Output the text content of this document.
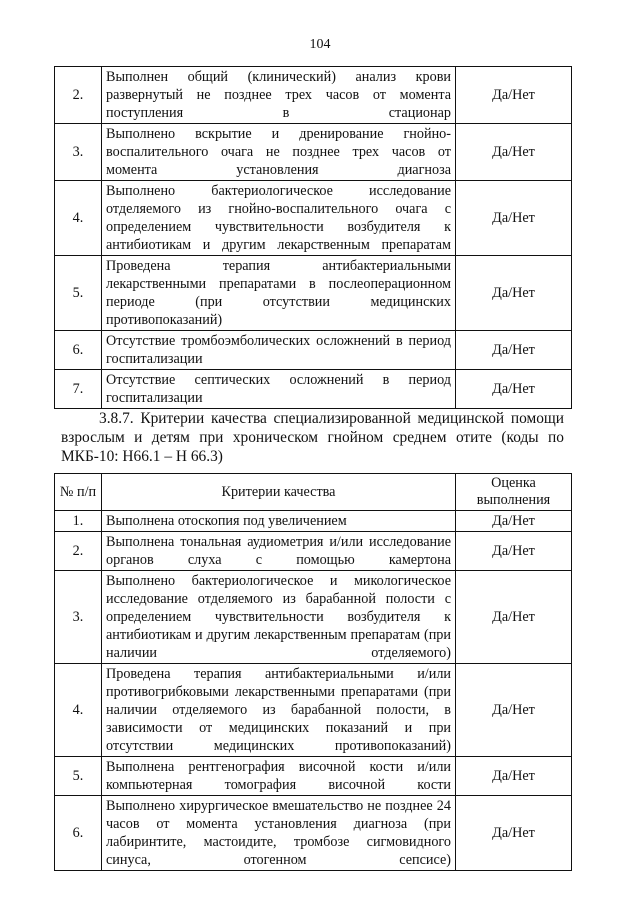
104
2.	Выполнен общий (клинический) анализ крови развернутый не позднее трех часов от момента поступления в стационар	Да/Нет
3.	Выполнено вскрытие и дренирование гнойно-воспалительного очага не позднее трех часов от момента установления диагноза	Да/Нет
4.	Выполнено бактериологическое исследование отделяемого из гнойно-воспалительного очага с определением чувствительности возбудителя к антибиотикам и другим лекарственным препаратам	Да/Нет
5.	Проведена терапия антибактериальными лекарственными препаратами в послеоперационном периоде (при отсутствии медицинских противопоказаний)	Да/Нет
6.	Отсутствие тромбоэмболических осложнений в период госпитализации	Да/Нет
7.	Отсутствие септических осложнений в период госпитализации	Да/Нет

3.8.7. Критерии качества специализированной медицинской помощи взрослым и детям при хроническом гнойном среднем отите (коды по МКБ-10: H66.1 – H 66.3)

№ п/п	Критерии качества	Оценка выполнения
1.	Выполнена отоскопия под увеличением	Да/Нет
2.	Выполнена тональная аудиометрия и/или исследование органов слуха с помощью камертона	Да/Нет
3.	Выполнено бактериологическое и микологическое исследование отделяемого из барабанной полости с определением чувствительности возбудителя к антибиотикам и другим лекарственным препаратам (при наличии отделяемого)	Да/Нет
4.	Проведена терапия антибактериальными и/или противогрибковыми лекарственными препаратами (при наличии отделяемого из барабанной полости, в зависимости от медицинских показаний и при отсутствии медицинских противопоказаний)	Да/Нет
5.	Выполнена рентгенография височной кости и/или компьютерная томография височной кости	Да/Нет
6.	Выполнено хирургическое вмешательство не позднее 24 часов от момента установления диагноза (при лабиринтите, мастоидите, тромбозе сигмовидного синуса, отогенном сепсисе)	Да/Нет
